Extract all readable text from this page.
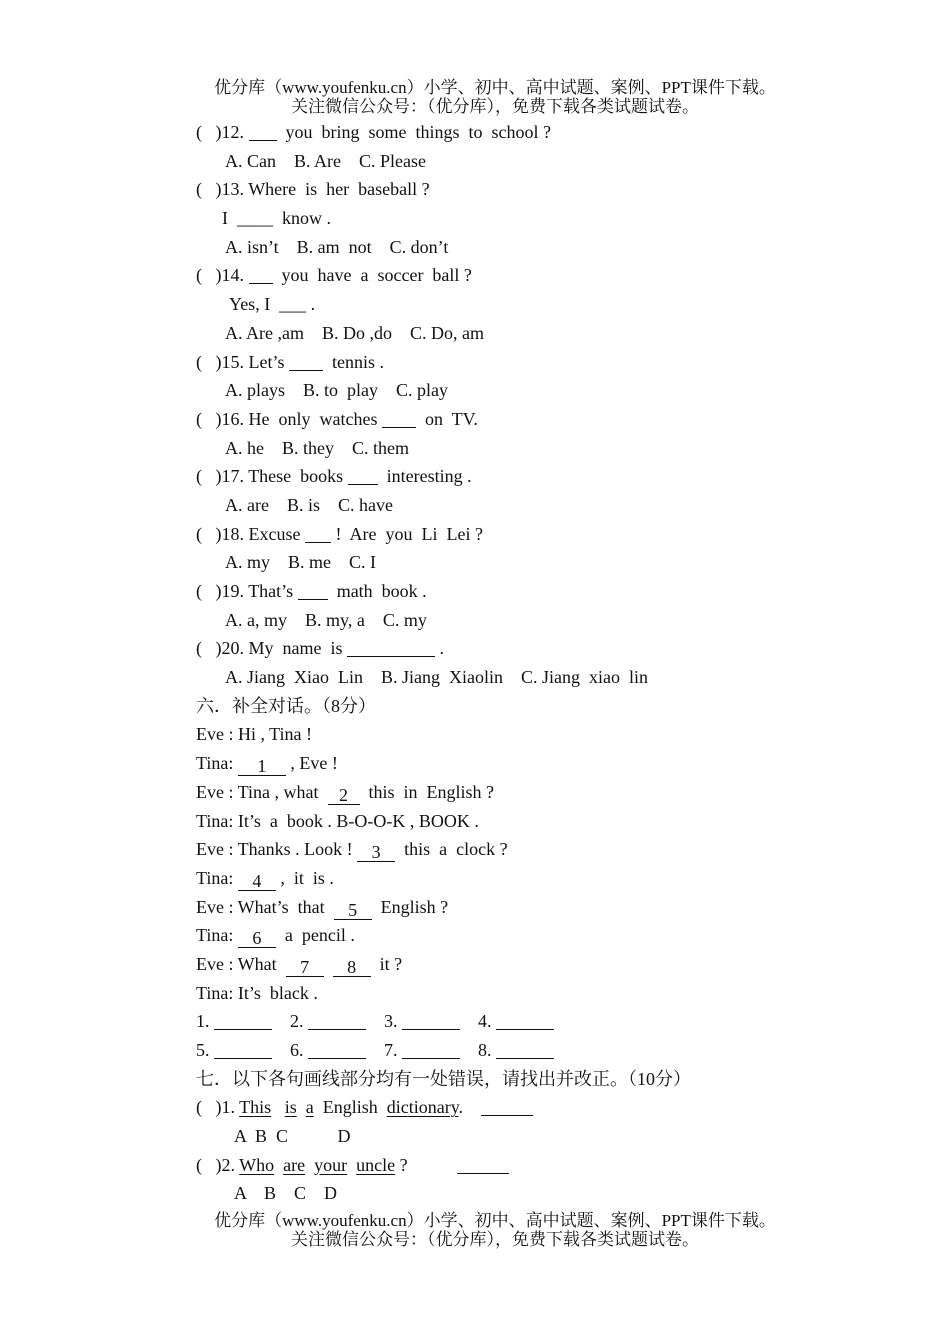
优分库（www.youfenku.cn）小学、初中、高中试题、案例、PPT课件下载。
关注微信公众号：（优分库），免费下载各类试题试卷。
(   )12. you  bring  some  things  to  school ?
A. Can    B. Are    C. Please
(   )13. Where  is  her  baseball ?
I  ____  know .
A. isn’t    B. am  not    C. don’t
(   )14. you  have  a  soccer  ball ?
Yes, I  ___ .
A. Are ,am    B. Do ,do    C. Do, am
(   )15. Let’s   tennis .
A. plays    B. to  play    C. play
(   )16. He  only  watches   on  TV.
A. he    B. they    C. them
(   )17. These  books   interesting .
A. are    B. is    C. have
(   )18. Excuse  !  Are  you  Li  Lei ?
A. my    B. me    C. I
(   )19. That’s   math  book .
A. a, my    B. my, a    C. my
(   )20. My  name  is	.
A. Jiang  Xiao  Lin    B. Jiang  Xiaolin    C. Jiang  xiao  lin
六．补全对话。（8分）
Eve : Hi , Tina !
Tina: 1 , Eve !
Eve : Tina , what  2  this  in  English ?
Tina: It’s  a  book . B-O-O-K , BOOK .
Eve : Thanks . Look ! 3  this  a  clock ?
Tina: 4 ,  it  is .
Eve : What’s  that  5  English ?
Tina: 6  a  pencil .
Eve : What  7 8  it ?
Tina: It’s  black .
1.	2.	3.	4.
5.	6.	7.	8.
七．以下各句画线部分均有一处错误，请找出并改正。（10分）
(   )1. This is a English dictionary.
A B C	D
(   )2. Who are your uncle ?
A B C D
优分库（www.youfenku.cn）小学、初中、高中试题、案例、PPT课件下载。
关注微信公众号：（优分库），免费下载各类试题试卷。
